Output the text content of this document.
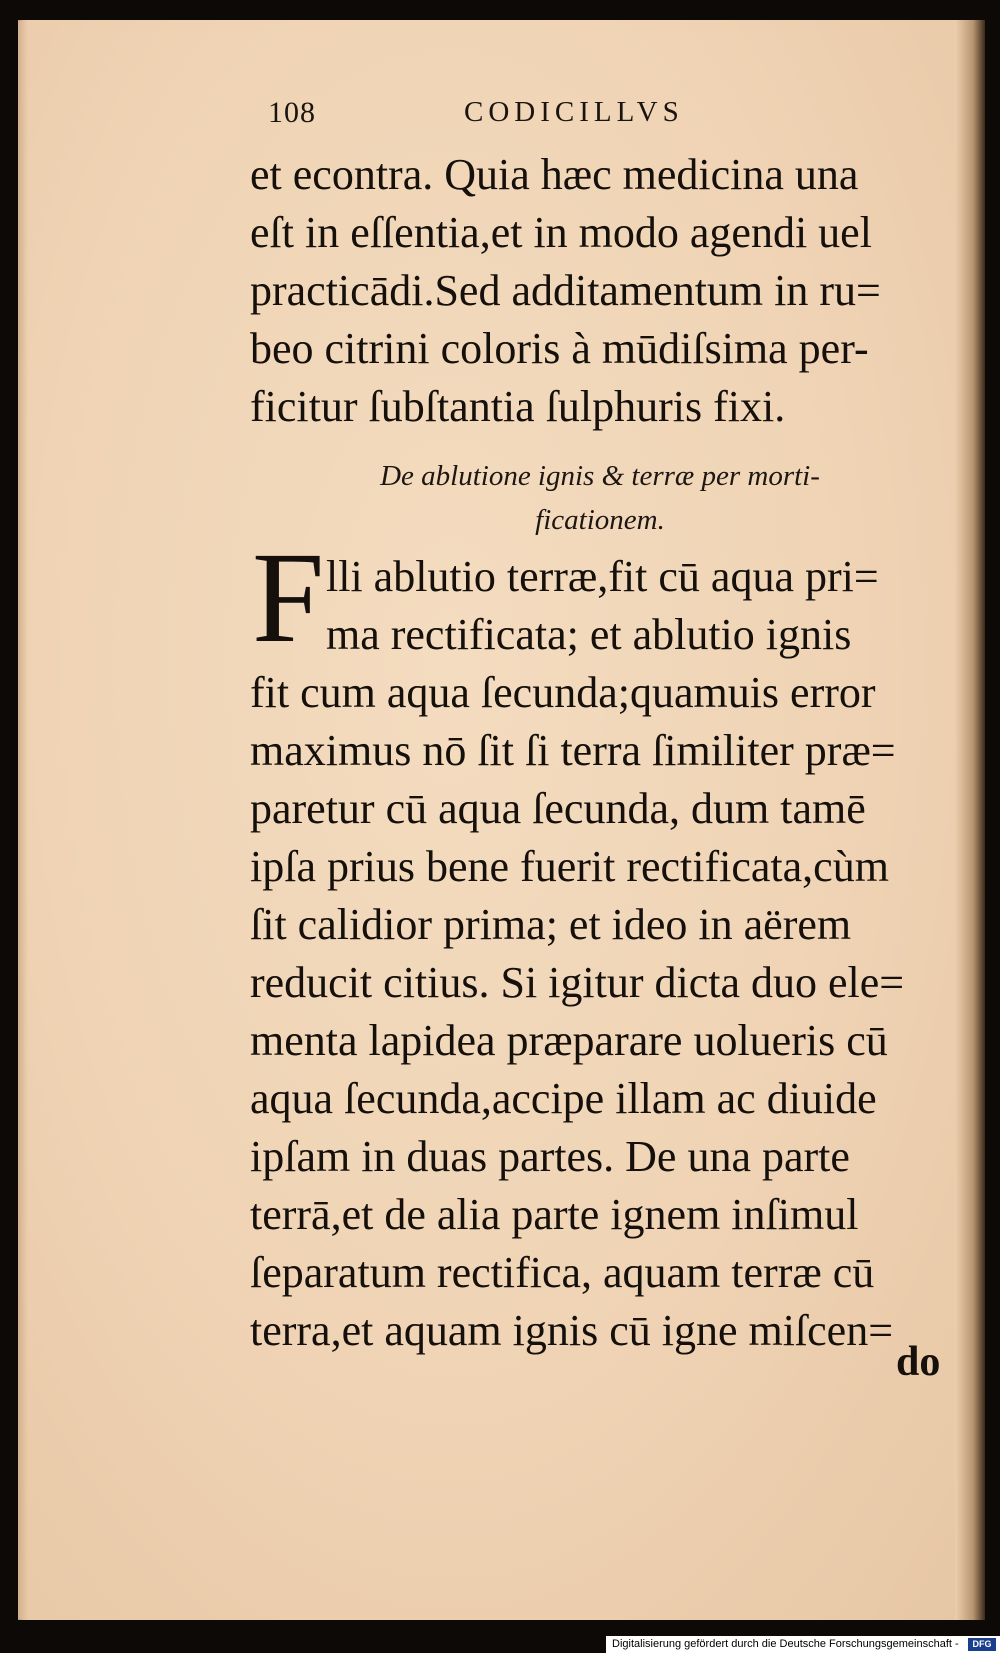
108	CODICILLVS
et econtra. Quia hæc medicina una
eſt in eſſentia,et in modo agendi uel
practicādi.Sed additamentum in ru=
beo citrini coloris à mūdiſsima per-
ficitur ſubſtantia ſulphuris fixi.
De ablutione ignis & terræ per morti-
ficationem.
F lli ablutio terræ,fit cū aqua pri=
ma rectificata; et ablutio ignis
fit cum aqua ſecunda;quamuis error
maximus nō ſit ſi terra ſimiliter præ=
paretur cū aqua ſecunda, dum tamē
ipſa prius bene fuerit rectificata,cùm
ſit calidior prima; et ideo in aërem
reducit citius. Si igitur dicta duo ele=
menta lapidea præparare uolueris cū
aqua ſecunda,accipe illam ac diuide
ipſam in duas partes. De una parte
terrā,et de alia parte ignem inſimul
ſeparatum rectifica, aquam terræ cū
terra,et aquam ignis cū igne miſcen=
do
Digitalisierung gefördert durch die Deutsche Forschungsgemeinschaft -	DFG
